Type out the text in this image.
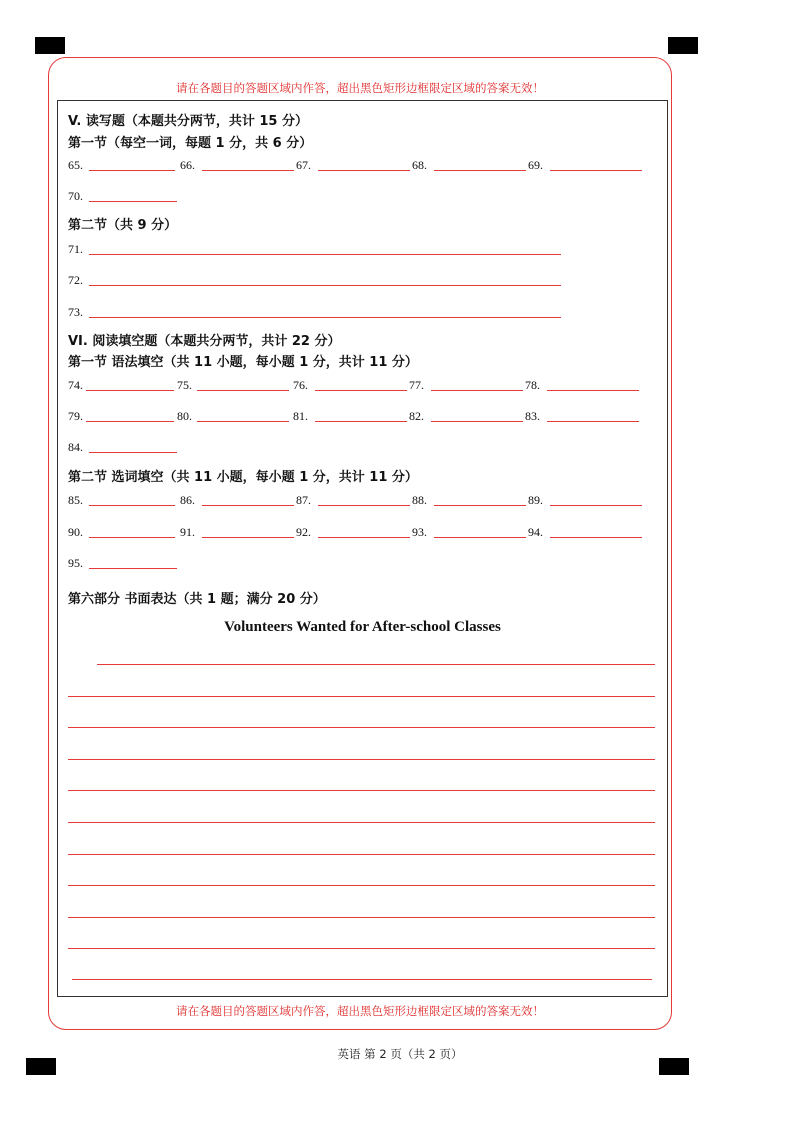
请在各题目的答题区域内作答，超出黑色矩形边框限定区域的答案无效！
请在各题目的答题区域内作答，超出黑色矩形边框限定区域的答案无效！
V. 读写题（本题共分两节，共计 15 分）
第一节（每空一词，每题 1 分，共 6 分）
65.	66.	67.	68.	69.
70.
第二节（共 9 分）
71.
72.
73.
VI. 阅读填空题（本题共分两节，共计 22 分）
第一节 语法填空（共 11 小题，每小题 1 分，共计 11 分）
74.	75.	76.	77.	78.
79.	80.	81.	82.	83.
84.
第二节 选词填空（共 11 小题，每小题 1 分，共计 11 分）
85.	86.	87.	88.	89.
90.	91.	92.	93.	94.
95.
第六部分 书面表达（共 1 题；满分 20 分）
Volunteers Wanted for After-school Classes
英语 第 2 页（共 2 页）
